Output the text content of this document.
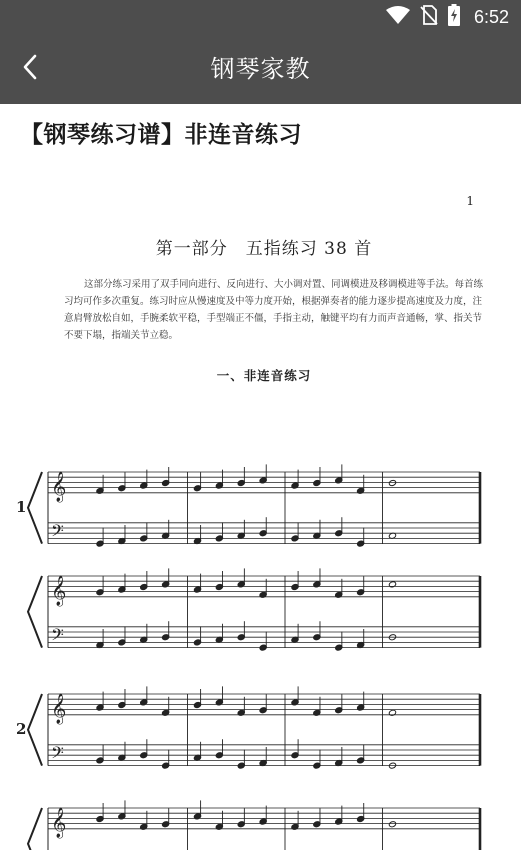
6:52
钢琴家教
【钢琴练习谱】非连音练习
1
第一部分　五指练习 38 首
这部分练习采用了双手同向进行、反向进行、大小调对置、同调模进及移调模进等手法。每首练习均可作多次重复。练习时应从慢速度及中等力度开始，根据弹奏者的能力逐步提高速度及力度，注意肩臂放松自如，手腕柔软平稳，手型端正不僵，手指主动，触键平均有力而声音通畅，掌、指关节不要下塌，指端关节立稳。
一、非连音练习
𝄞
𝄢
1
𝄞
𝄢
𝄞
𝄢
2
𝄞
